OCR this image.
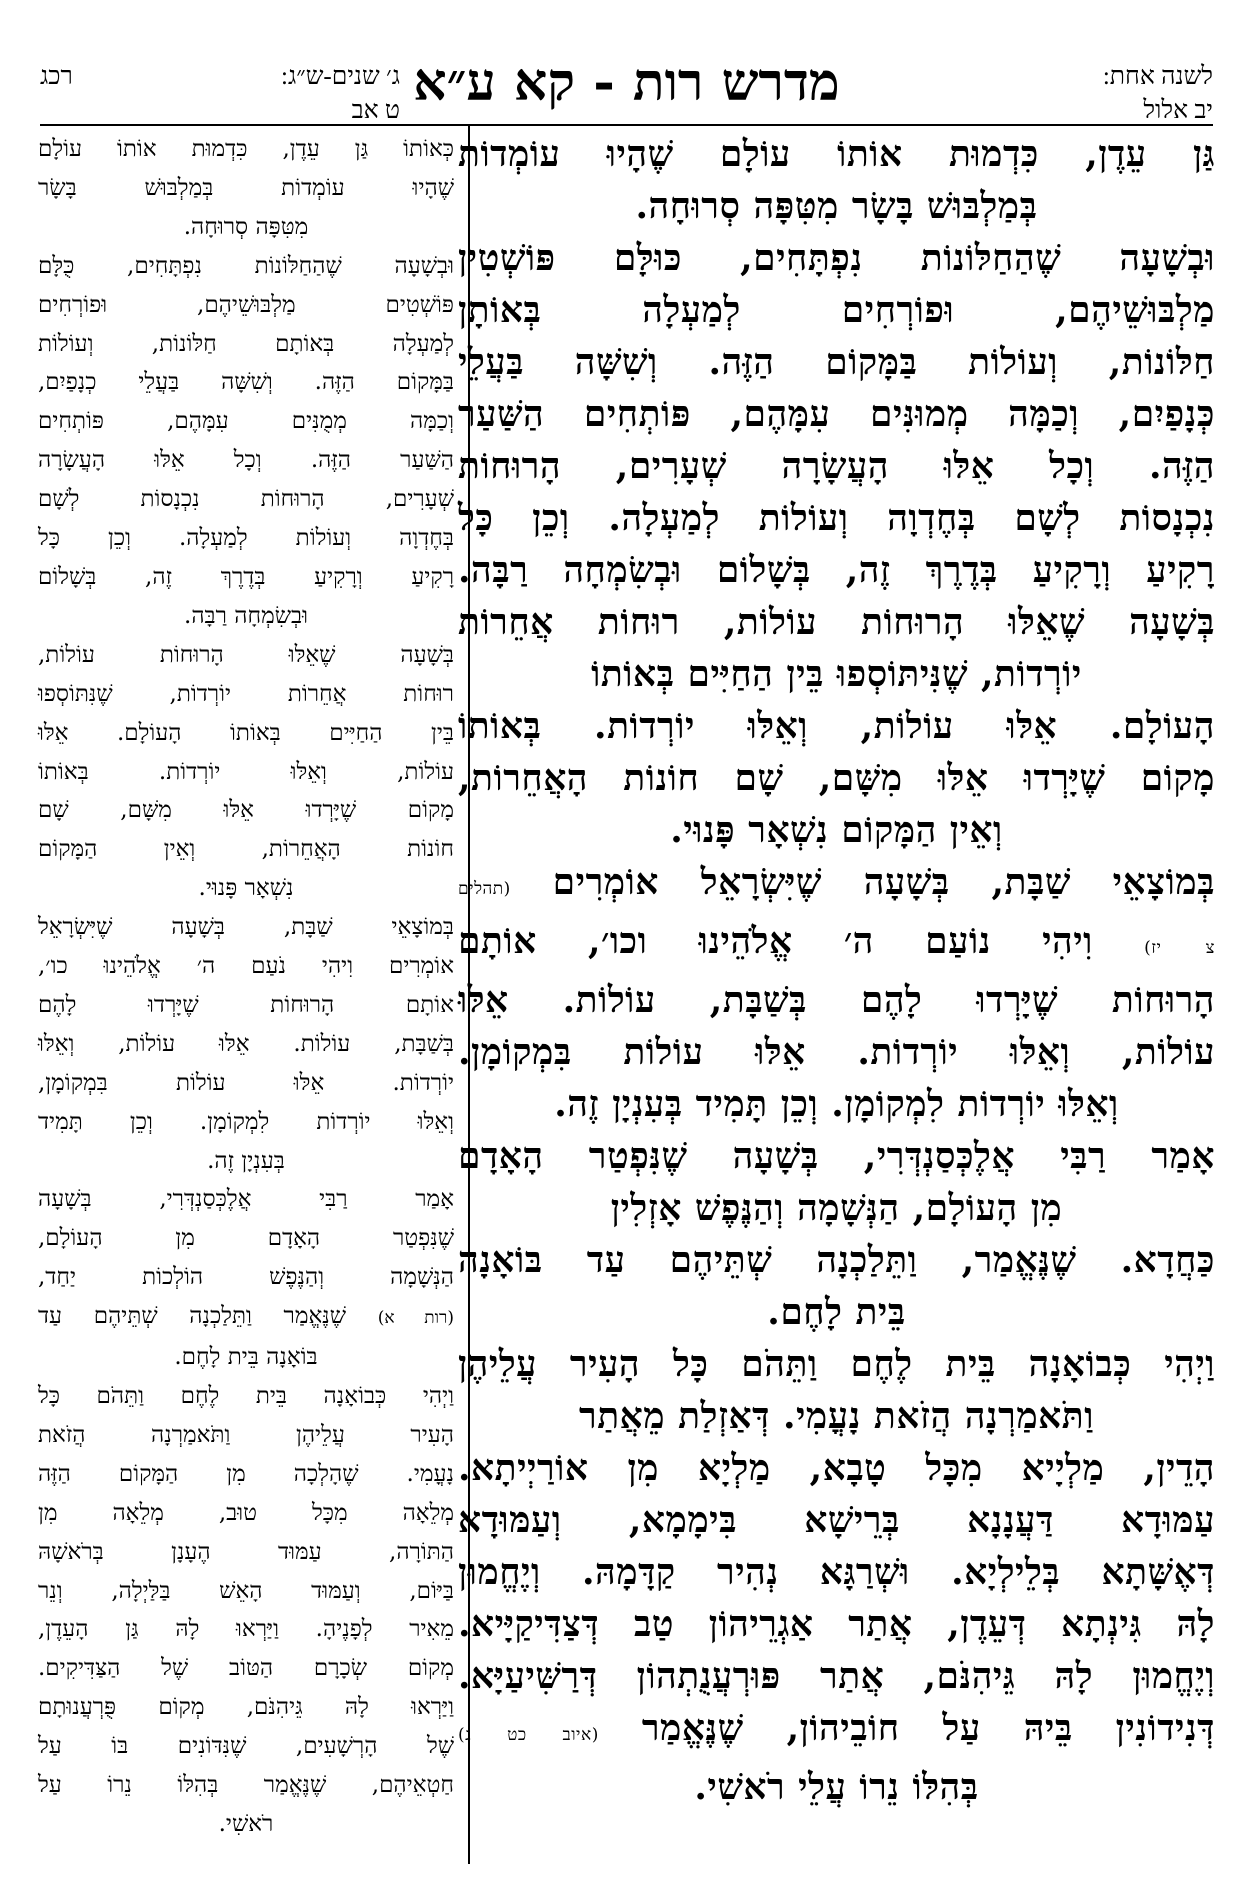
לשנה אחת:
יב אלול
מדרש רות - קא ע״א
ג׳ שנים-ש״ג:
רכג
ט אב

גַּן עֵדֶן, כִּדְמוּת אוֹתוֹ עוֹלָם שֶׁהָיוּ עוֹמְדוֹת

בְּמַלְבּוּשׁ בָּשָׂר מִטִּפָּה סְרוּחָה.

וּבְשָׁעָה שֶׁהַחַלּוֹנוֹת נִפְתָּחִים, כּוּלָּם פּוֹשְׁטִין

מַלְבּוּשֵׁיהֶם, וּפוֹרְחִים לְמַעְלָה בְּאוֹתָן

חַלּוֹנוֹת, וְעוֹלוֹת בַּמָּקוֹם הַזֶּה. וְשִׁשָּׁה בַּעֲלֵי

כְּנָפַיִם, וְכַמָּה מְמוּנִּים עִמָּהֶם, פּוֹתְחִים הַשַּׁעַר

הַזֶּה. וְכָל אֵלּוּ הָעֲשָׂרָה שְׁעָרִים, הָרוּחוֹת

נִכְנָסוֹת לְשָׁם בְּחֶדְוָה וְעוֹלוֹת לְמַעְלָה. וְכֵן כָּל

רָקִיעַ וְרָקִיעַ בְּדֶרֶךְ זֶה, בְּשָׁלוֹם וּבְשִׂמְחָה רַבָּה.

בְּשָׁעָה שֶׁאֵלּוּ הָרוּחוֹת עוֹלוֹת, רוּחוֹת אֲחֵרוֹת

יוֹרְדוֹת, שֶׁנִּיתּוֹסְפוּ בֵּין הַחַיִּים בְּאוֹתוֹ

הָעוֹלָם. אֵלּוּ עוֹלוֹת, וְאֵלּוּ יוֹרְדוֹת. בְּאוֹתוֹ

מָקוֹם שֶׁיָּרְדוּ אֵלּוּ מִשָּׁם, שָׁם חוֹנוֹת הָאֲחֵרוֹת,

וְאֵין הַמָּקוֹם נִשְׁאָר פָּנוּי.

בְּמוֹצָאֵי שַׁבָּת, בְּשָׁעָה שֶׁיִּשְׂרָאֵל אוֹמְרִים (תהלים

צ יז) וִיהִי נוֹעַם ה׳ אֱלֹהֵינוּ וכו׳, אוֹתָם

הָרוּחוֹת שֶׁיָּרְדוּ לָהֶם בְּשַׁבָּת, עוֹלוֹת. אֵלּוּ

עוֹלוֹת, וְאֵלּוּ יוֹרְדוֹת. אֵלּוּ עוֹלוֹת בִּמְקוֹמָן.

וְאֵלּוּ יוֹרְדוֹת לִמְקוֹמָן. וְכֵן תָּמִיד בְּעִנְיָן זֶה.

אָמַר רַבִּי אֲלֶכְּסַנְדְּרִי, בְּשָׁעָה שֶׁנִּפְטַר הָאָדָם

מִן הָעוֹלָם, הַנְּשָׁמָה וְהַנֶּפֶשׁ אָזְלִין

כַּחֲדָא. שֶׁנֶּאֱמַר, וַתֵּלַכְנָה שְׁתֵּיהֶם עַד בּוֹאָנָה

בֵּית לָחֶם.

וַיְהִי כְּבוֹאָנָה בֵּית לֶחֶם וַתֵּהֹם כָּל הָעִיר עֲלֵיהֶן

וַתֹּאמַרְנָה הֲזֹאת נָעֳמִי. דְּאַזְלַת מֵאֲתַר

הָדֵין, מַלְיָיא מִכָּל טָבָא, מַלְיָא מִן אוֹרַיְיתָא.

עַמּוּדָא דַּעֲנָנָא בְּרֵישָׁא בִּימָמָא, וְעַמּוּדָא

דְּאֶשָּׁתָא בְּלֵילְיָא. וּשְׁרַגָּא נְהִיר קַדָּמָהּ. וְיֶחֱמוּן

לָהּ גִּינְתָא דְּעֵדֶן, אֲתַר אַגְרֵיהוֹן טַב דְּצַדִּיקַיָּיא.

וְיֶחֱמוּן לָהּ גֵּיהִנֹּם, אֲתַר פּוּרְעֲנֻתְהוֹן דְּרַשִּׁיעַיָּא.

דְּנִידוֹנִין בֵּיהּ עַל חוֹבֵיהוֹן, שֶׁנֶּאֱמַר (איוב כט ג)

בְּהִלּוֹ נֵרוֹ עֲלֵי רֹאשִׁי.

כְּאוֹתוֹ גַּן עֵדֶן, כִּדְמוּת אוֹתוֹ עוֹלָם

שֶׁהָיוּ עוֹמְדוֹת בְּמַלְבּוּשׁ בָּשָׂר

מִטִּפָּה סְרוּחָה.

וּבְשָׁעָה שֶׁהַחַלּוֹנוֹת נִפְתָּחִים, כֻּלָּם

פּוֹשְׁטִים מַלְבּוּשֵׁיהֶם, וּפוֹרְחִים

לְמַעְלָה בְּאוֹתָם חַלּוֹנוֹת, וְעוֹלוֹת

בַּמָּקוֹם הַזֶּה. וְשִׁשָּׁה בַּעֲלֵי כְנָפַיִם,

וְכַמָּה מְמֻנִּים עִמָּהֶם, פּוֹתְחִים

הַשַּׁעַר הַזֶּה. וְכָל אֵלּוּ הָעֲשָׂרָה

שְׁעָרִים, הָרוּחוֹת נִכְנָסוֹת לְשָׁם

בְּחֶדְוָה וְעוֹלוֹת לְמַעְלָה. וְכֵן כָּל

רָקִיעַ וְרָקִיעַ בְּדֶרֶךְ זֶה, בְּשָׁלוֹם

וּבְשִׂמְחָה רַבָּה.

בְּשָׁעָה שֶׁאֵלּוּ הָרוּחוֹת עוֹלוֹת,

רוּחוֹת אֲחֵרוֹת יוֹרְדוֹת, שֶׁנִּתּוֹסְפוּ

בֵּין הַחַיִּים בְּאוֹתוֹ הָעוֹלָם. אֵלּוּ

עוֹלוֹת, וְאֵלּוּ יוֹרְדוֹת. בְּאוֹתוֹ

מָקוֹם שֶׁיָּרְדוּ אֵלּוּ מִשָּׁם, שָׁם

חוֹנוֹת הָאֲחֵרוֹת, וְאֵין הַמָּקוֹם

נִשְׁאָר פָּנוּי.

בְּמוֹצָאֵי שַׁבָּת, בְּשָׁעָה שֶׁיִּשְׂרָאֵל

אוֹמְרִים וִיהִי נֹעַם ה׳ אֱלֹהֵינוּ כו׳,

אוֹתָם הָרוּחוֹת שֶׁיָּרְדוּ לָהֶם

בְּשַׁבָּת, עוֹלוֹת. אֵלּוּ עוֹלוֹת, וְאֵלּוּ

יוֹרְדוֹת. אֵלּוּ עוֹלוֹת בִּמְקוֹמָן,

וְאֵלּוּ יוֹרְדוֹת לִמְקוֹמָן. וְכֵן תָּמִיד

בְּעִנְיָן זֶה.

אָמַר רַבִּי אֲלֶכְּסַנְדְּרִי, בְּשָׁעָה

שֶׁנִּפְטַר הָאָדָם מִן הָעוֹלָם,

הַנְּשָׁמָה וְהַנֶּפֶשׁ הוֹלְכוֹת יַחַד,

(רות א) שֶׁנֶּאֱמַר וַתֵּלַכְנָה שְׁתֵּיהֶם עַד

בּוֹאָנָה בֵּית לָחֶם.

וַיְהִי כְּבוֹאָנָה בֵּית לֶחֶם וַתֵּהֹם כָּל

הָעִיר עֲלֵיהֶן וַתֹּאמַרְנָה הֲזֹאת

נָעֳמִי. שֶׁהָלְכָה מִן הַמָּקוֹם הַזֶּה

מְלֵאָה מִכָּל טוּב, מְלֵאָה מִן

הַתּוֹרָה, עַמּוּד הֶעָנָן בְּרֹאשָׁהּ

בַּיּוֹם, וְעַמּוּד הָאֵשׁ בַּלַּיְלָה, וְנֵר

מֵאִיר לְפָנֶיהָ. וַיַּרְאוּ לָהּ גַּן הָעֵדֶן,

מְקוֹם שְׂכָרָם הַטּוֹב שֶׁל הַצַּדִּיקִים.

וַיַּרְאוּ לָהּ גֵּיהִנֹּם, מְקוֹם פֻּרְעֲנוּתָם

שֶׁל הָרְשָׁעִים, שֶׁנִּדּוֹנִים בּוֹ עַל

חַטְאֵיהֶם, שֶׁנֶּאֱמַר בְּהִלּוֹ נֵרוֹ עַל

רֹאשִׁי.
